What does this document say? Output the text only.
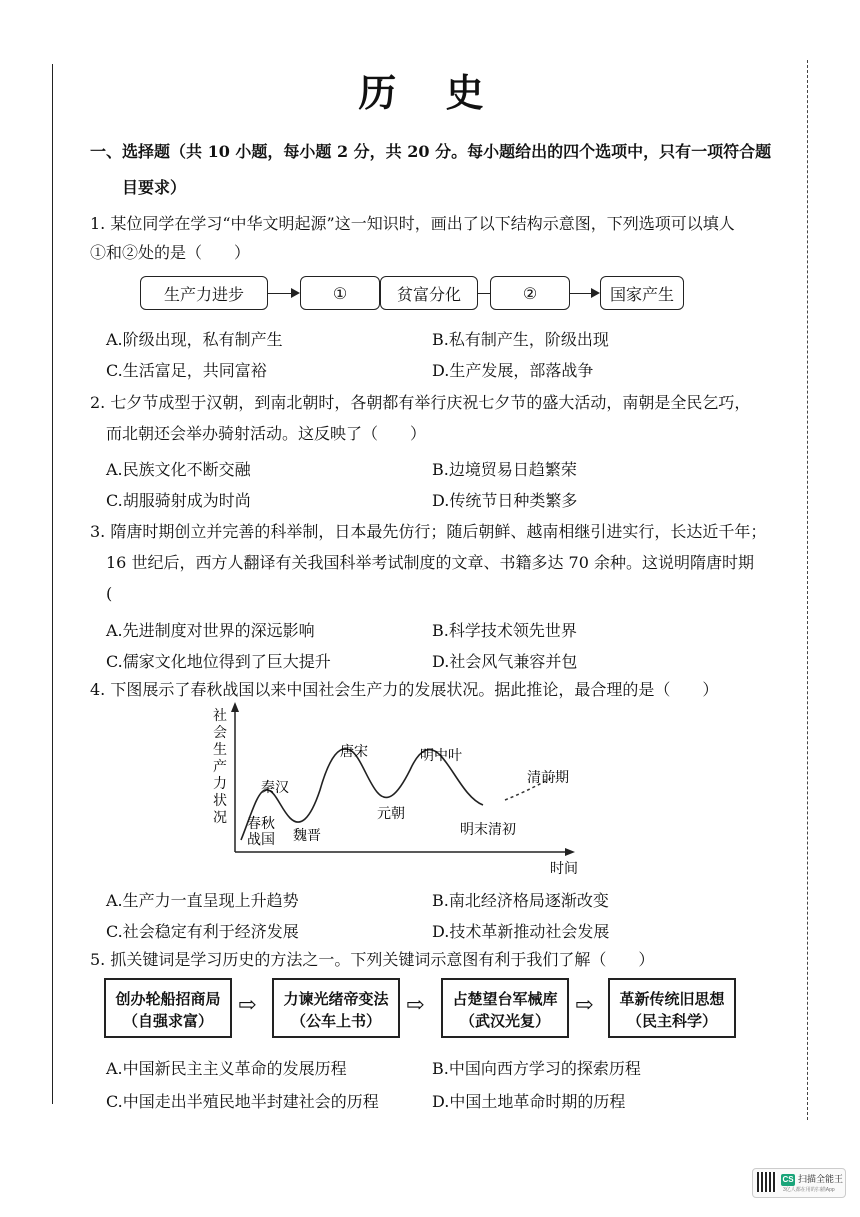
历 史
一、选择题（共 10 小题，每小题 2 分，共 20 分。每小题给出的四个选项中，只有一项符合题
目要求）
1. 某位同学在学习“中华文明起源”这一知识时，画出了以下结构示意图，下列选项可以填人
①和②处的是（　　）
生产力进步	①	贫富分化	②	国家产生
A.阶级出现，私有制产生	B.私有制产生，阶级出现
C.生活富足，共同富裕	D.生产发展，部落战争
2. 七夕节成型于汉朝，到南北朝时，各朝都有举行庆祝七夕节的盛大活动，南朝是全民乞巧，
而北朝还会举办骑射活动。这反映了（　　）
A.民族文化不断交融	B.边境贸易日趋繁荣
C.胡服骑射成为时尚	D.传统节日种类繁多
3. 隋唐时期创立并完善的科举制，日本最先仿行；随后朝鲜、越南相继引进实行，长达近千年；
16 世纪后，西方人翻译有关我国科举考试制度的文章、书籍多达 70 余种。这说明隋唐时期
(
A.先进制度对世界的深远影响	B.科学技术领先世界
C.儒家文化地位得到了巨大提升	D.社会风气兼容并包
4. 下图展示了春秋战国以来中国社会生产力的发展状况。据此推论，最合理的是（　　）
社
会
生
产
力
状
况 春秋
战国
秦汉
魏晋
唐宋
元朝
明中叶
明末清初
清前期
时间
A.生产力一直呈现上升趋势	B.南北经济格局逐渐改变
C.社会稳定有利于经济发展	D.技术革新推动社会发展
5. 抓关键词是学习历史的方法之一。下列关键词示意图有利于我们了解（　　）
创办轮船招商局
（自强求富）
⇨	力谏光绪帝变法
（公车上书）
⇨	占楚望台军械库
（武汉光复）
⇨	革新传统旧思想
（民主科学）
A.中国新民主主义革命的发展历程	B.中国向西方学习的探索历程
C.中国走出半殖民地半封建社会的历程	D.中国土地革命时期的历程
CS 扫描全能王
3亿人都在用的扫描App
